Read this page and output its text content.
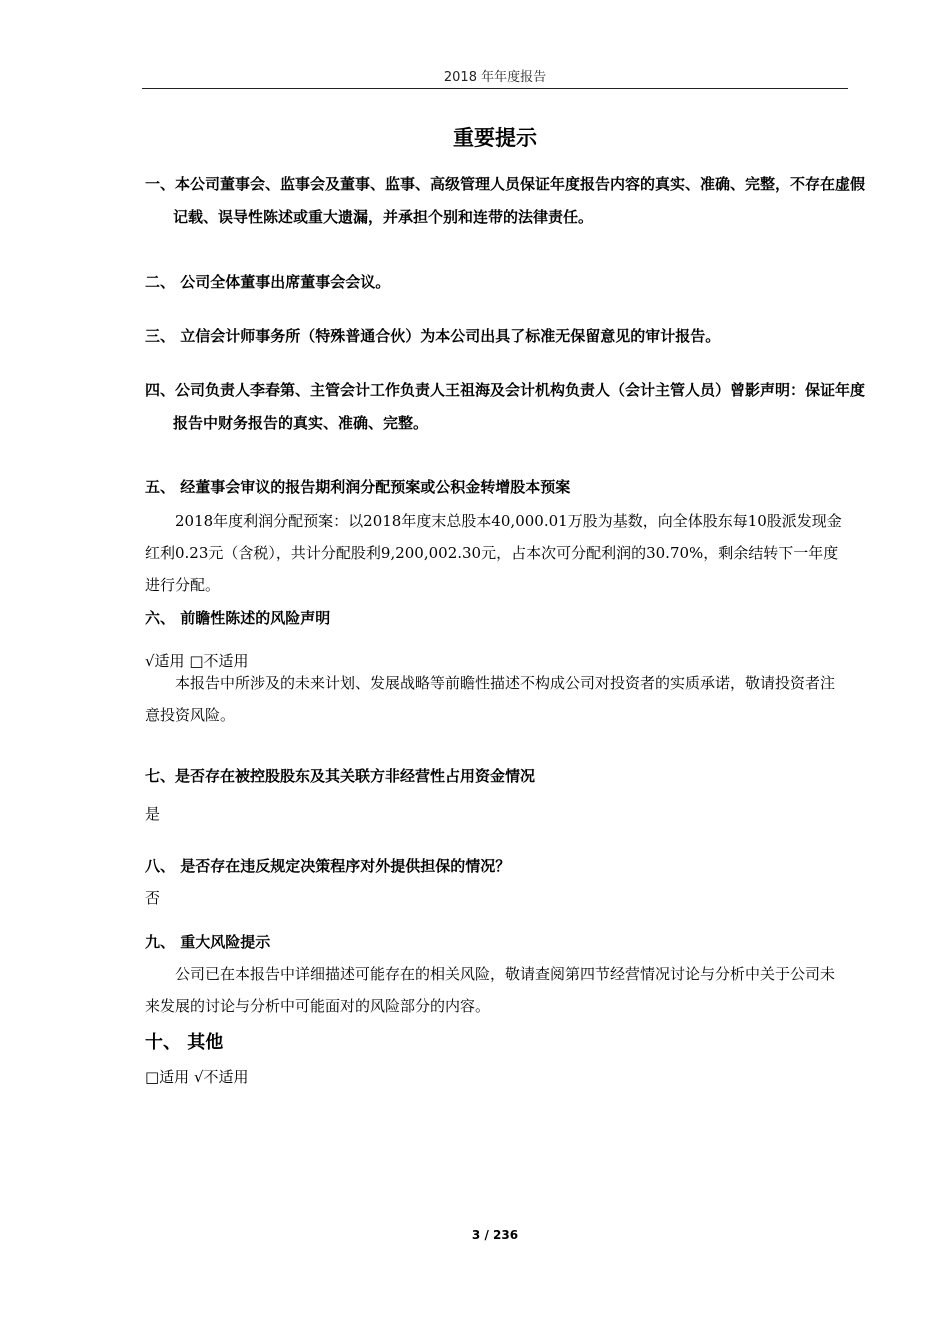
2018 年年度报告
重要提示
一、本公司董事会、监事会及董事、监事、高级管理人员保证年度报告内容的真实、准确、完整，不存在虚假记载、误导性陈述或重大遗漏，并承担个别和连带的法律责任。
二、 公司全体董事出席董事会会议。
三、 立信会计师事务所（特殊普通合伙）为本公司出具了标准无保留意见的审计报告。
四、公司负责人李春第、主管会计工作负责人王祖海及会计机构负责人（会计主管人员）曾影声明：保证年度报告中财务报告的真实、准确、完整。
五、 经董事会审议的报告期利润分配预案或公积金转增股本预案
2018年度利润分配预案：以2018年度末总股本40,000.01万股为基数，向全体股东每10股派发现金红利0.23元（含税），共计分配股利9,200,002.30元，占本次可分配利润的30.70%，剩余结转下一年度进行分配。
六、 前瞻性陈述的风险声明
√适用 □不适用
本报告中所涉及的未来计划、发展战略等前瞻性描述不构成公司对投资者的实质承诺，敬请投资者注意投资风险。
七、是否存在被控股股东及其关联方非经营性占用资金情况
是
八、 是否存在违反规定决策程序对外提供担保的情况？
否
九、 重大风险提示
公司已在本报告中详细描述可能存在的相关风险，敬请查阅第四节经营情况讨论与分析中关于公司未来发展的讨论与分析中可能面对的风险部分的内容。
十、 其他
□适用 √不适用
3 / 236
